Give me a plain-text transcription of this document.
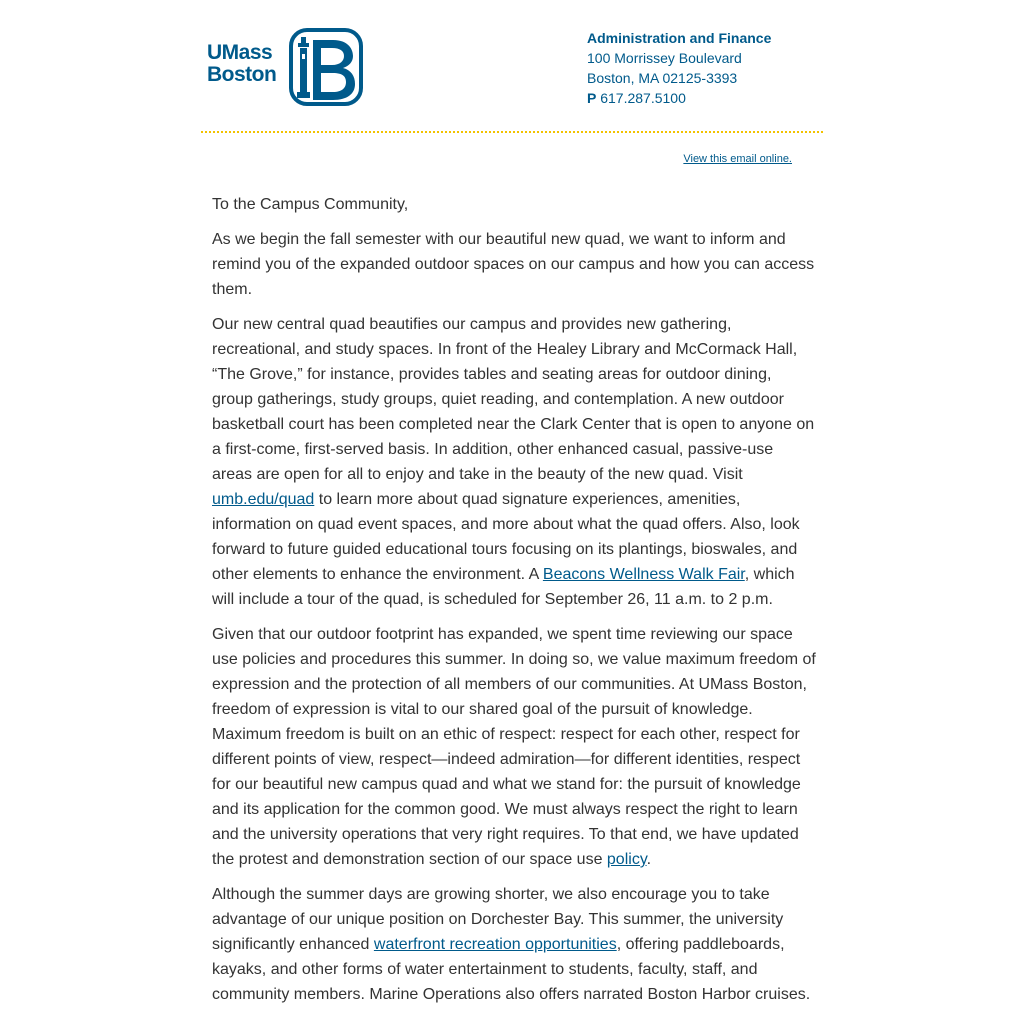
UMass
Boston
Administration and Finance
100 Morrissey Boulevard
Boston, MA 02125-3393
P 617.287.5100
View this email online.

To the Campus Community,

As we begin the fall semester with our beautiful new quad, we want to inform and remind you of the expanded outdoor spaces on our campus and how you can access them.

Our new central quad beautifies our campus and provides new gathering, recreational, and study spaces. In front of the Healey Library and McCormack Hall, “The Grove,” for instance, provides tables and seating areas for outdoor dining, group gatherings, study groups, quiet reading, and contemplation. A new outdoor basketball court has been completed near the Clark Center that is open to anyone on a first-come, first-served basis. In addition, other enhanced casual, passive-use areas are open for all to enjoy and take in the beauty of the new quad. Visit umb.edu/quad to learn more about quad signature experiences, amenities, information on quad event spaces, and more about what the quad offers. Also, look forward to future guided educational tours focusing on its plantings, bioswales, and other elements to enhance the environment. A Beacons Wellness Walk Fair, which will include a tour of the quad, is scheduled for September 26, 11 a.m. to 2 p.m.

Given that our outdoor footprint has expanded, we spent time reviewing our space use policies and procedures this summer. In doing so, we value maximum freedom of expression and the protection of all members of our communities. At UMass Boston, freedom of expression is vital to our shared goal of the pursuit of knowledge. Maximum freedom is built on an ethic of respect: respect for each other, respect for different points of view, respect—indeed admiration—for different identities, respect for our beautiful new campus quad and what we stand for: the pursuit of knowledge and its application for the common good. We must always respect the right to learn and the university operations that very right requires. To that end, we have updated the protest and demonstration section of our space use policy.

Although the summer days are growing shorter, we also encourage you to take advantage of our unique position on Dorchester Bay. This summer, the university significantly enhanced waterfront recreation opportunities, offering paddleboards, kayaks, and other forms of water entertainment to students, faculty, staff, and community members. Marine Operations also offers narrated Boston Harbor cruises.
